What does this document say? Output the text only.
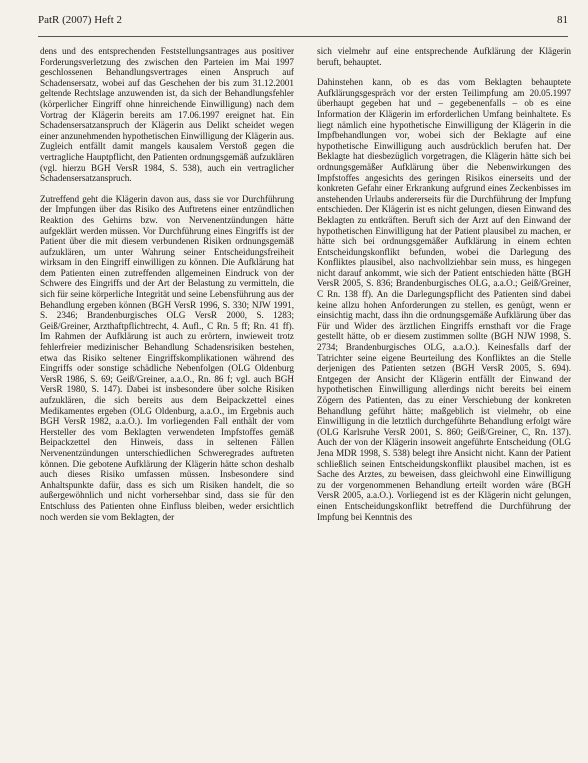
PatR (2007) Heft 2	81

dens und des entsprechenden Feststellungsantrages aus positiver Forderungsverletzung des zwischen den Parteien im Mai 1997 geschlossenen Behandlungsvertrages einen Anspruch auf Schadensersatz, wobei auf das Geschehen der bis zum 31.12.2001 geltende Rechtslage anzuwenden ist, da sich der Behandlungsfehler (körperlicher Eingriff ohne hinreichende Einwilligung) nach dem Vortrag der Klägerin bereits am 17.06.1997 ereignet hat. Ein Schadensersatzanspruch der Klägerin aus Delikt scheidet wegen einer anzunehmenden hypothetischen Einwilligung der Klägerin aus. Zugleich entfällt damit mangels kausalem Verstoß gegen die vertragliche Hauptpflicht, den Patienten ordnungsgemäß aufzuklären (vgl. hierzu BGH VersR 1984, S. 538), auch ein vertraglicher Schadensersatzanspruch.

Zutreffend geht die Klägerin davon aus, dass sie vor Durchführung der Impfungen über das Risiko des Auftretens einer entzündlichen Reaktion des Gehirns bzw. von Nervenentzündungen hätte aufgeklärt werden müssen. Vor Durchführung eines Eingriffs ist der Patient über die mit diesem verbundenen Risiken ordnungsgemäß aufzuklären, um unter Wahrung seiner Entscheidungsfreiheit wirksam in den Eingriff einwilligen zu können. Die Aufklärung hat dem Patienten einen zutreffenden allgemeinen Eindruck von der Schwere des Eingriffs und der Art der Belastung zu vermitteln, die sich für seine körperliche Integrität und seine Lebensführung aus der Behandlung ergeben können (BGH VersR 1996, S. 330; NJW 1991, S. 2346; Brandenburgisches OLG VersR 2000, S. 1283; Geiß/Greiner, Arzthaftpflichtrecht, 4. Aufl., C Rn. 5 ff; Rn. 41 ff). Im Rahmen der Aufklärung ist auch zu erörtern, inwieweit trotz fehlerfreier medizinischer Behandlung Schadensrisiken bestehen, etwa das Risiko seltener Eingriffskomplikationen während des Eingriffs oder sonstige schädliche Nebenfolgen (OLG Oldenburg VersR 1986, S. 69; Geiß/Greiner, a.a.O., Rn. 86 f; vgl. auch BGH VersR 1980, S. 147). Dabei ist insbesondere über solche Risiken aufzuklären, die sich bereits aus dem Beipackzettel eines Medikamentes ergeben (OLG Oldenburg, a.a.O., im Ergebnis auch BGH VersR 1982, a.a.O.). Im vorliegenden Fall enthält der vom Hersteller des vom Beklagten verwendeten Impfstoffes gemäß Beipackzettel den Hinweis, dass in seltenen Fällen Nervenentzündungen unterschiedlichen Schweregrades auftreten können. Die gebotene Aufklärung der Klägerin hätte schon deshalb auch dieses Risiko umfassen müssen. Insbesondere sind Anhaltspunkte dafür, dass es sich um Risiken handelt, die so außergewöhnlich und nicht vorhersehbar sind, dass sie für den Entschluss des Patienten ohne Einfluss bleiben, weder ersichtlich noch werden sie vom Beklagten, der

sich vielmehr auf eine entsprechende Aufklärung der Klägerin beruft, behauptet.

Dahinstehen kann, ob es das vom Beklagten behauptete Aufklärungsgespräch vor der ersten Teilimpfung am 20.05.1997 überhaupt gegeben hat und – gegebenenfalls – ob es eine Information der Klägerin im erforderlichen Umfang beinhaltete. Es liegt nämlich eine hypothetische Einwilligung der Klägerin in die Impfbehandlungen vor, wobei sich der Beklagte auf eine hypothetische Einwilligung auch ausdrücklich berufen hat. Der Beklagte hat diesbezüglich vorgetragen, die Klägerin hätte sich bei ordnungsgemäßer Aufklärung über die Nebenwirkungen des Impfstoffes angesichts des geringen Risikos einerseits und der konkreten Gefahr einer Erkrankung aufgrund eines Zeckenbisses im anstehenden Urlaubs andererseits für die Durchführung der Impfung entschieden. Der Klägerin ist es nicht gelungen, diesen Einwand des Beklagten zu entkräften. Beruft sich der Arzt auf den Einwand der hypothetischen Einwilligung hat der Patient plausibel zu machen, er hätte sich bei ordnungsgemäßer Aufklärung in einem echten Entscheidungskonflikt befunden, wobei die Darlegung des Konfliktes plausibel, also nachvollziehbar sein muss, es hingegen nicht darauf ankommt, wie sich der Patient entschieden hätte (BGH VersR 2005, S. 836; Brandenburgisches OLG, a.a.O.; Geiß/Greiner, C Rn. 138 ff). An die Darlegungspflicht des Patienten sind dabei keine allzu hohen Anforderungen zu stellen, es genügt, wenn er einsichtig macht, dass ihn die ordnungsgemäße Aufklärung über das Für und Wider des ärztlichen Eingriffs ernsthaft vor die Frage gestellt hätte, ob er diesem zustimmen sollte (BGH NJW 1998, S. 2734; Brandenburgisches OLG, a.a.O.). Keinesfalls darf der Tatrichter seine eigene Beurteilung des Konfliktes an die Stelle derjenigen des Patienten setzen (BGH VersR 2005, S. 694). Entgegen der Ansicht der Klägerin entfällt der Einwand der hypothetischen Einwilligung allerdings nicht bereits bei einem Zögern des Patienten, das zu einer Verschiebung der konkreten Behandlung geführt hätte; maßgeblich ist vielmehr, ob eine Einwilligung in die letztlich durchgeführte Behandlung erfolgt wäre (OLG Karlsruhe VersR 2001, S. 860; Geiß/Greiner, C, Rn. 137). Auch der von der Klägerin insoweit angeführte Entscheidung (OLG Jena MDR 1998, S. 538) belegt ihre Ansicht nicht. Kann der Patient schließlich seinen Entscheidungskonflikt plausibel machen, ist es Sache des Arztes, zu beweisen, dass gleichwohl eine Einwilligung zu der vorgenommenen Behandlung erteilt worden wäre (BGH VersR 2005, a.a.O.). Vorliegend ist es der Klägerin nicht gelungen, einen Entscheidungskonflikt betreffend die Durchführung der Impfung bei Kenntnis des
